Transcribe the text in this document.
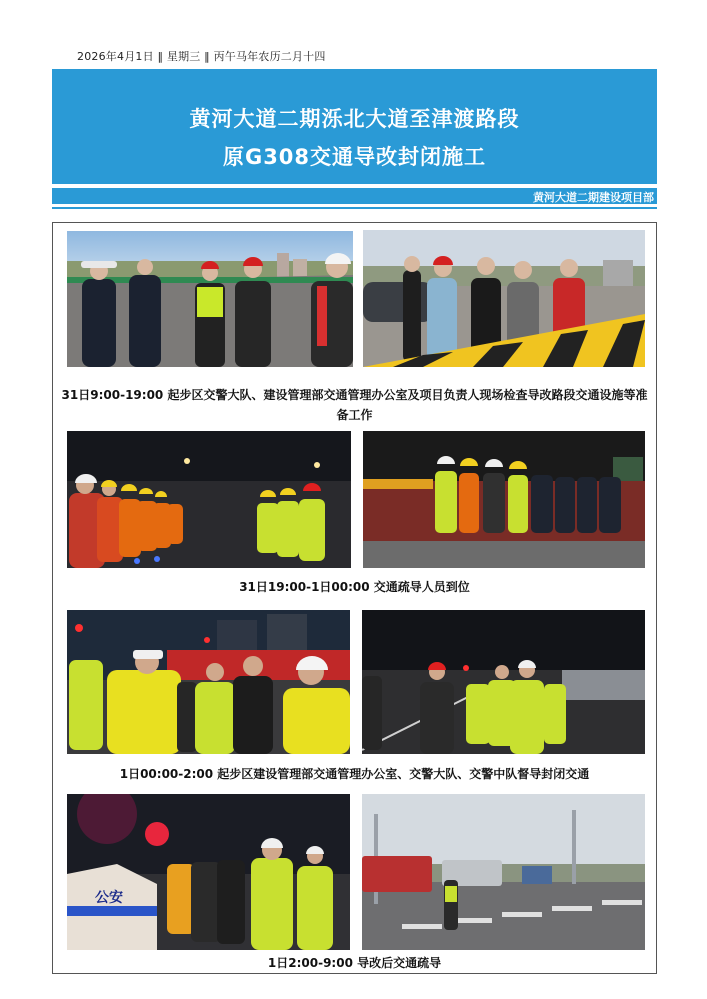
2026年4月1日 ‖ 星期三 ‖ 丙午马年农历二月十四
黄河大道二期泺北大道至津渡路段
原G308交通导改封闭施工
黄河大道二期建设项目部
31日9:00-19:00 起步区交警大队、建设管理部交通管理办公室及项目负责人现场检查导改路段交通设施等准备工作
31日19:00-1日00:00 交通疏导人员到位
1日00:00-2:00 起步区建设管理部交通管理办公室、交警大队、交警中队督导封闭交通
公安
1日2:00-9:00 导改后交通疏导
